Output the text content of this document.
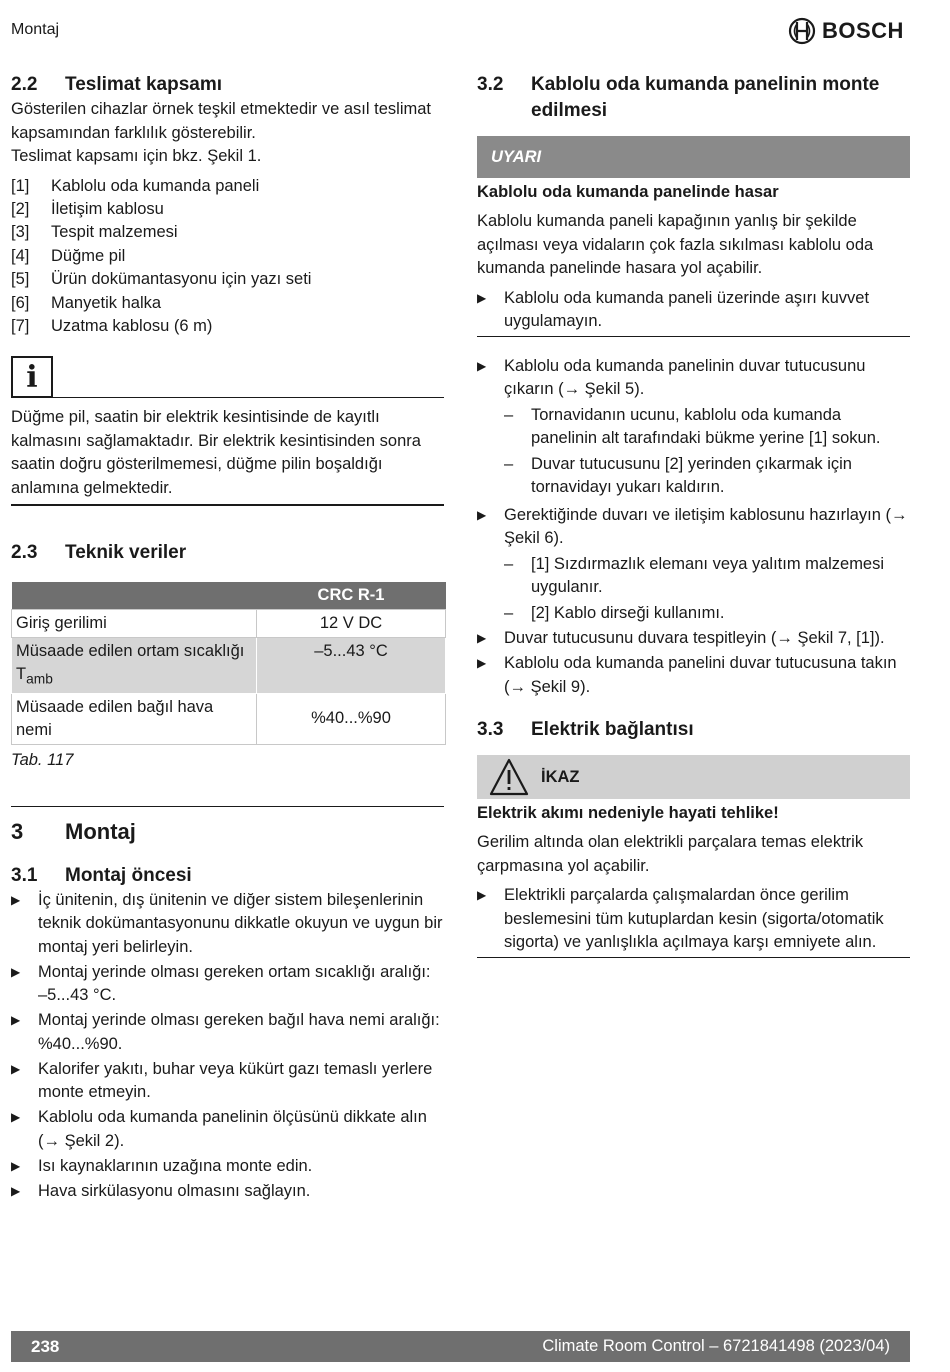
Montaj	BOSCH
2.2	Teslimat kapsamı

Gösterilen cihazlar örnek teşkil etmektedir ve asıl teslimat kapsamından farklılık gösterebilir.

Teslimat kapsamı için bkz. Şekil 1.

[1]	Kablolu oda kumanda paneli
[2]	İletişim kablosu
[3]	Tespit malzemesi
[4]	Düğme pil
[5]	Ürün dokümantasyonu için yazı seti
[6]	Manyetik halka
[7]	Uzatma kablosu (6 m)
i

Düğme pil, saatin bir elektrik kesintisinde de kayıtlı kalmasını sağlamaktadır. Bir elektrik kesintisinden sonra saatin doğru gösterilmemesi, düğme pilin boşaldığı anlamına gelmektedir.

2.3	Teknik veriler
	CRC R-1
Giriş gerilimi	12 V DC
Müsaade edilen ortam sıcaklığı $T_{amb}$	–5...43 °C
Müsaade edilen bağıl hava nemi	%40...%90
Tab. 117
3	Montaj
3.1	Montaj öncesi
▶	İç ünitenin, dış ünitenin ve diğer sistem bileşenlerinin teknik dokümantasyonunu dikkatle okuyun ve uygun bir montaj yeri belirleyin.
▶	Montaj yerinde olması gereken ortam sıcaklığı aralığı: –5...43 °C.
▶	Montaj yerinde olması gereken bağıl hava nemi aralığı: %40...%90.
▶	Kalorifer yakıtı, buhar veya kükürt gazı temaslı yerlere monte etmeyin.
▶	Kablolu oda kumanda panelinin ölçüsünü dikkate alın (→ Şekil 2).
▶	Isı kaynaklarının uzağına monte edin.
▶	Hava sirkülasyonu olmasını sağlayın.
3.2	Kablolu oda kumanda panelinin monte edilmesi
UYARI
Kablolu oda kumanda panelinde hasar

Kablolu kumanda paneli kapağının yanlış bir şekilde açılması veya vidaların çok fazla sıkılması kablolu oda kumanda panelinde hasara yol açabilir.

▶	Kablolu oda kumanda paneli üzerinde aşırı kuvvet uygulamayın.
▶	Kablolu oda kumanda panelinin duvar tutucusunu çıkarın (→ Şekil 5).
–	Tornavidanın ucunu, kablolu oda kumanda panelinin alt tarafındaki bükme yerine [1] sokun.
–	Duvar tutucusunu [2] yerinden çıkarmak için tornavidayı yukarı kaldırın.
▶	Gerektiğinde duvarı ve iletişim kablosunu hazırlayın (→ Şekil 6).
–	[1] Sızdırmazlık elemanı veya yalıtım malzemesi uygulanır.
–	[2] Kablo dirseği kullanımı.
▶	Duvar tutucusunu duvara tespitleyin (→ Şekil 7, [1]).
▶	Kablolu oda kumanda panelini duvar tutucusuna takın (→ Şekil 9).
3.3	Elektrik bağlantısı
İKAZ
Elektrik akımı nedeniyle hayati tehlike!

Gerilim altında olan elektrikli parçalara temas elektrik çarpmasına yol açabilir.

▶	Elektrikli parçalarda çalışmalardan önce gerilim beslemesini tüm kutuplardan kesin (sigorta/otomatik sigorta) ve yanlışlıkla açılmaya karşı emniyete alın.
238	Climate Room Control – 6721841498 (2023/04)
